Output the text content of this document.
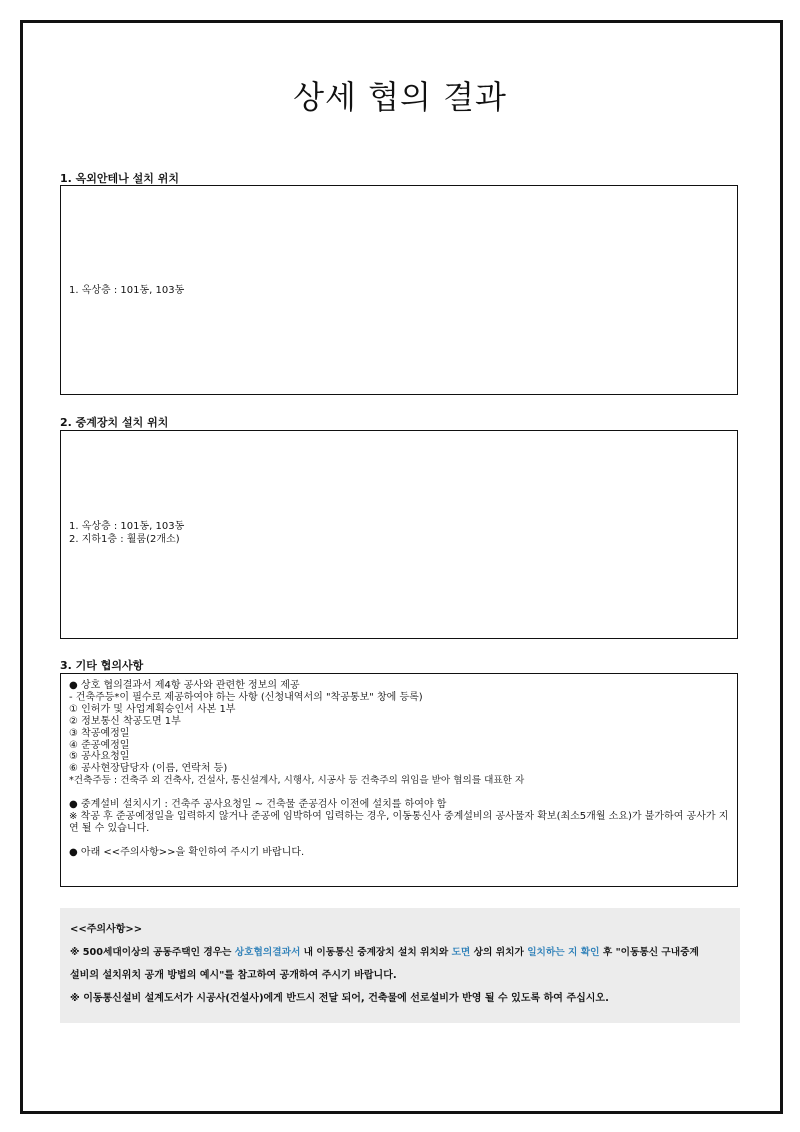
상세 협의 결과
1. 옥외안테나 설치 위치
1. 옥상층 : 101동, 103동
2. 중계장치 설치 위치
1. 옥상층 : 101동, 103동
2. 지하1층 : 훨룸(2개소)
3. 기타 협의사항
● 상호 협의결과서 제4항 공사와 관련한 정보의 제공
- 건축주등*이 필수로 제공하여야 하는 사항 (신청내역서의 "착공통보" 창에 등록)
① 인허가 및 사업계획승인서 사본 1부
② 정보통신 착공도면 1부
③ 착공예정일
④ 준공예정일
⑤ 공사요청일
⑥ 공사현장담당자 (이름, 연락처 등)
*건축주등 : 건축주 외 건축사, 건설사, 통신설계사, 시행사, 시공사 등 건축주의 위임을 받아 협의를 대표한 자
● 중계설비 설치시기 : 건축주 공사요청일 ~ 건축물 준공검사 이전에 설치를 하여야 함
※ 착공 후 준공예정일을 입력하지 않거나 준공에 임박하여 입력하는 경우, 이동통신사 중계설비의 공사물자 확보(최소5개월 소요)가 불가하여 공사가 지연 될 수 있습니다.
● 아래 <<주의사항>>을 확인하여 주시기 바랍니다.
<<주의사항>>
※ 500세대이상의 공동주택인 경우는 상호협의결과서 내 이동통신 중계장치 설치 위치와 도면 상의 위치가 일치하는 지 확인 후 "이동통신 구내중계
설비의 설치위치 공개 방법의 예시"를 참고하여 공개하여 주시기 바랍니다.
※ 이동통신설비 설계도서가 시공사(건설사)에게 반드시 전달 되어, 건축물에 선로설비가 반영 될 수 있도록 하여 주십시오.
